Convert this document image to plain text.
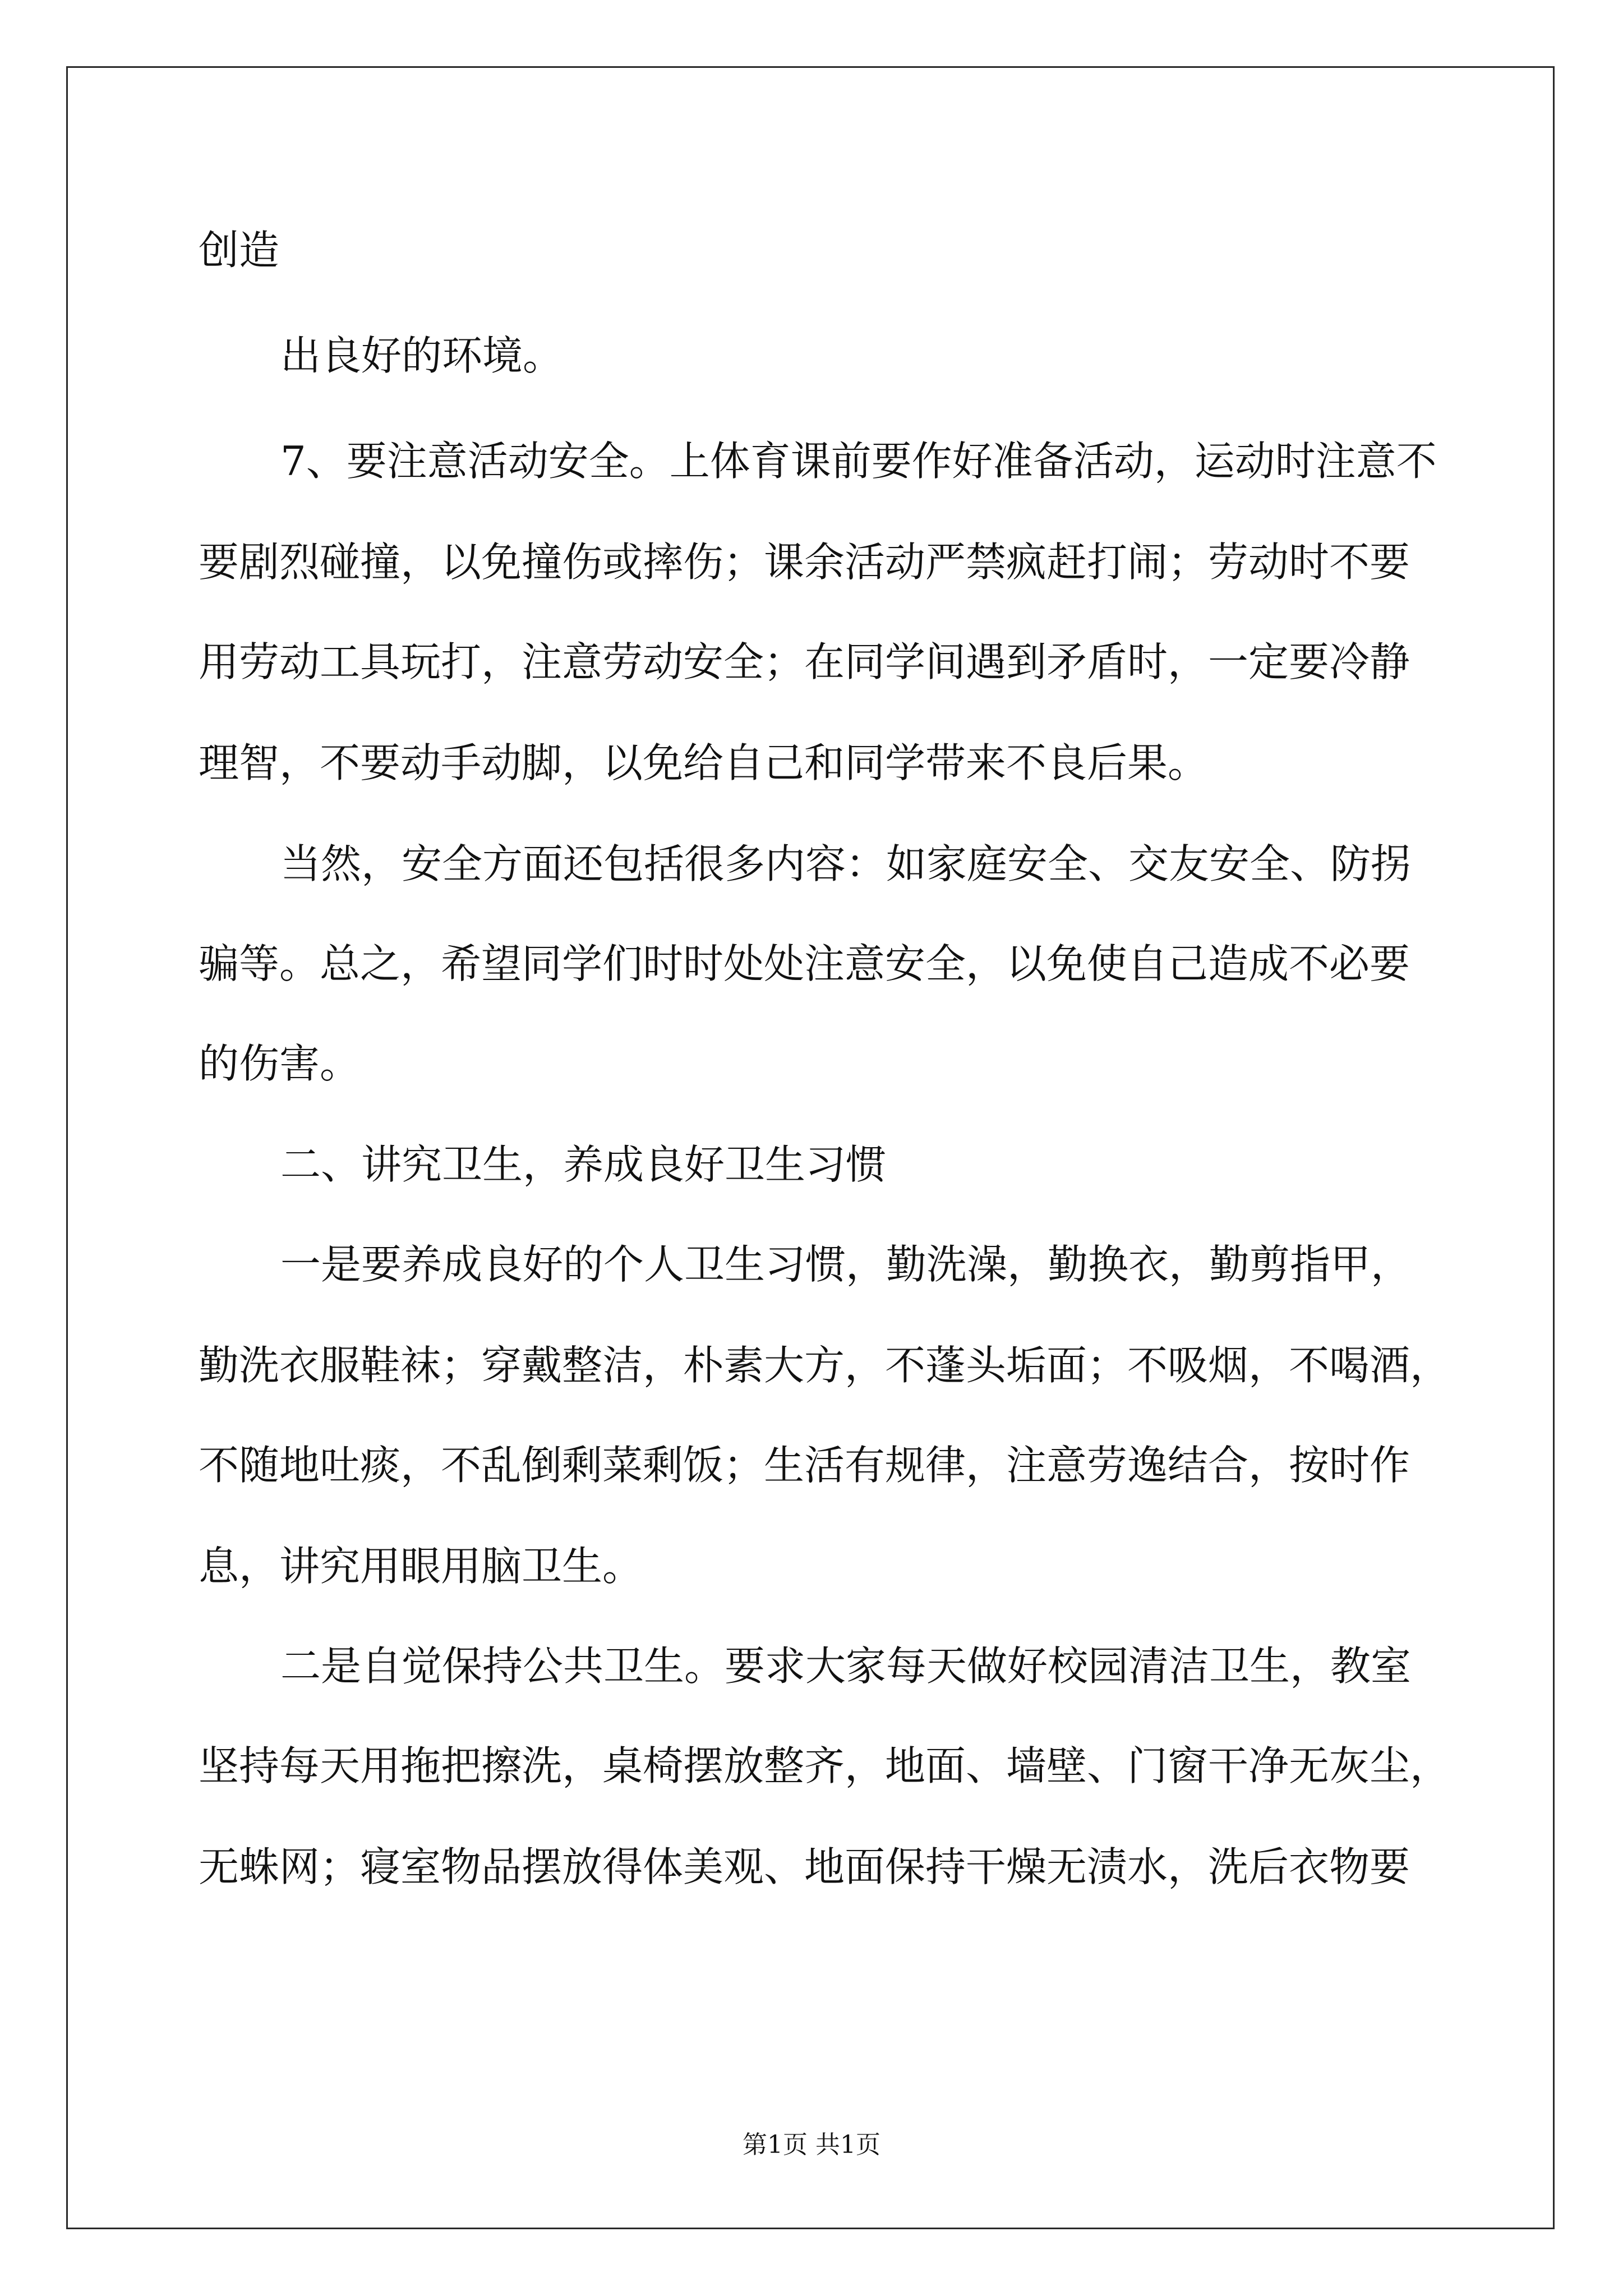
创造
出良好的环境。
7、要注意活动安全。上体育课前要作好准备活动，运动时注意不
要剧烈碰撞，以免撞伤或摔伤；课余活动严禁疯赶打闹；劳动时不要
用劳动工具玩打，注意劳动安全；在同学间遇到矛盾时，一定要冷静
理智，不要动手动脚，以免给自己和同学带来不良后果。
当然，安全方面还包括很多内容：如家庭安全、交友安全、防拐
骗等。总之，希望同学们时时处处注意安全，以免使自己造成不必要
的伤害。
二、讲究卫生，养成良好卫生习惯
一是要养成良好的个人卫生习惯，勤洗澡，勤换衣，勤剪指甲，
勤洗衣服鞋袜；穿戴整洁，朴素大方，不蓬头垢面；不吸烟，不喝酒，
不随地吐痰，不乱倒剩菜剩饭；生活有规律，注意劳逸结合，按时作
息，讲究用眼用脑卫生。
二是自觉保持公共卫生。要求大家每天做好校园清洁卫生，教室
坚持每天用拖把擦洗，桌椅摆放整齐，地面、墙壁、门窗干净无灰尘，
无蛛网；寝室物品摆放得体美观、地面保持干燥无渍水，洗后衣物要
第1页 共1页
